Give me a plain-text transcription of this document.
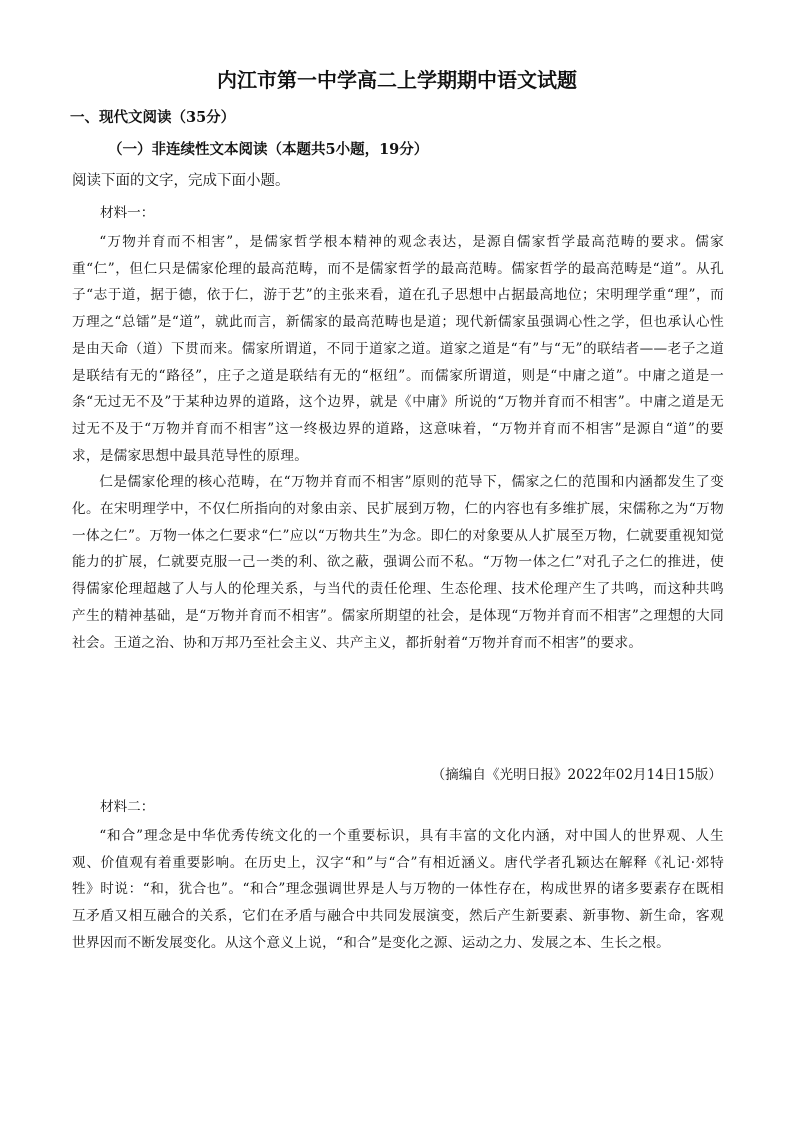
内江市第一中学高二上学期期中语文试题
一、现代文阅读（35分）
（一）非连续性文本阅读（本题共5小题，19分）
阅读下面的文字，完成下面小题。
材料一：

“万物并育而不相害”，是儒家哲学根本精神的观念表达，是源自儒家哲学最高范畴的要求。儒家重“仁”，但仁只是儒家伦理的最高范畴，而不是儒家哲学的最高范畴。儒家哲学的最高范畴是“道”。从孔子“志于道，据于德，依于仁，游于艺”的主张来看，道在孔子思想中占据最高地位；宋明理学重“理”，而万理之“总镭”是“道”，就此而言，新儒家的最高范畴也是道；现代新儒家虽强调心性之学，但也承认心性是由天命（道）下贯而来。儒家所谓道，不同于道家之道。道家之道是“有”与“无”的联结者——老子之道是联结有无的“路径”，庄子之道是联结有无的“枢纽”。而儒家所谓道，则是“中庸之道”。中庸之道是一条“无过无不及”于某种边界的道路，这个边界，就是《中庸》所说的“万物并育而不相害”。中庸之道是无过无不及于“万物并育而不相害”这一终极边界的道路，这意味着，“万物并育而不相害”是源自“道”的要求，是儒家思想中最具范导性的原理。

仁是儒家伦理的核心范畴，在“万物并育而不相害”原则的范导下，儒家之仁的范围和内涵都发生了变化。在宋明理学中，不仅仁所指向的对象由亲、民扩展到万物，仁的内容也有多维扩展，宋儒称之为“万物一体之仁”。万物一体之仁要求“仁”应以“万物共生”为念。即仁的对象要从人扩展至万物，仁就要重视知觉能力的扩展，仁就要克服一己一类的利、欲之蔽，强调公而不私。“万物一体之仁”对孔子之仁的推进，使得儒家伦理超越了人与人的伦理关系，与当代的责任伦理、生态伦理、技术伦理产生了共鸣，而这种共鸣产生的精神基础，是“万物并育而不相害”。儒家所期望的社会，是体现“万物并育而不相害”之理想的大同社会。王道之治、协和万邦乃至社会主义、共产主义，都折射着“万物并育而不相害”的要求。

（摘编自《光明日报》2022年02月14日15版）
材料二：

“和合”理念是中华优秀传统文化的一个重要标识，具有丰富的文化内涵，对中国人的世界观、人生观、价值观有着重要影响。在历史上，汉字“和”与“合”有相近涵义。唐代学者孔颖达在解释《礼记·郊特牲》时说：“和，犹合也”。“和合”理念强调世界是人与万物的一体性存在，构成世界的诸多要素存在既相互矛盾又相互融合的关系，它们在矛盾与融合中共同发展演变，然后产生新要素、新事物、新生命，客观世界因而不断发展变化。从这个意义上说，“和合”是变化之源、运动之力、发展之本、生长之根。
